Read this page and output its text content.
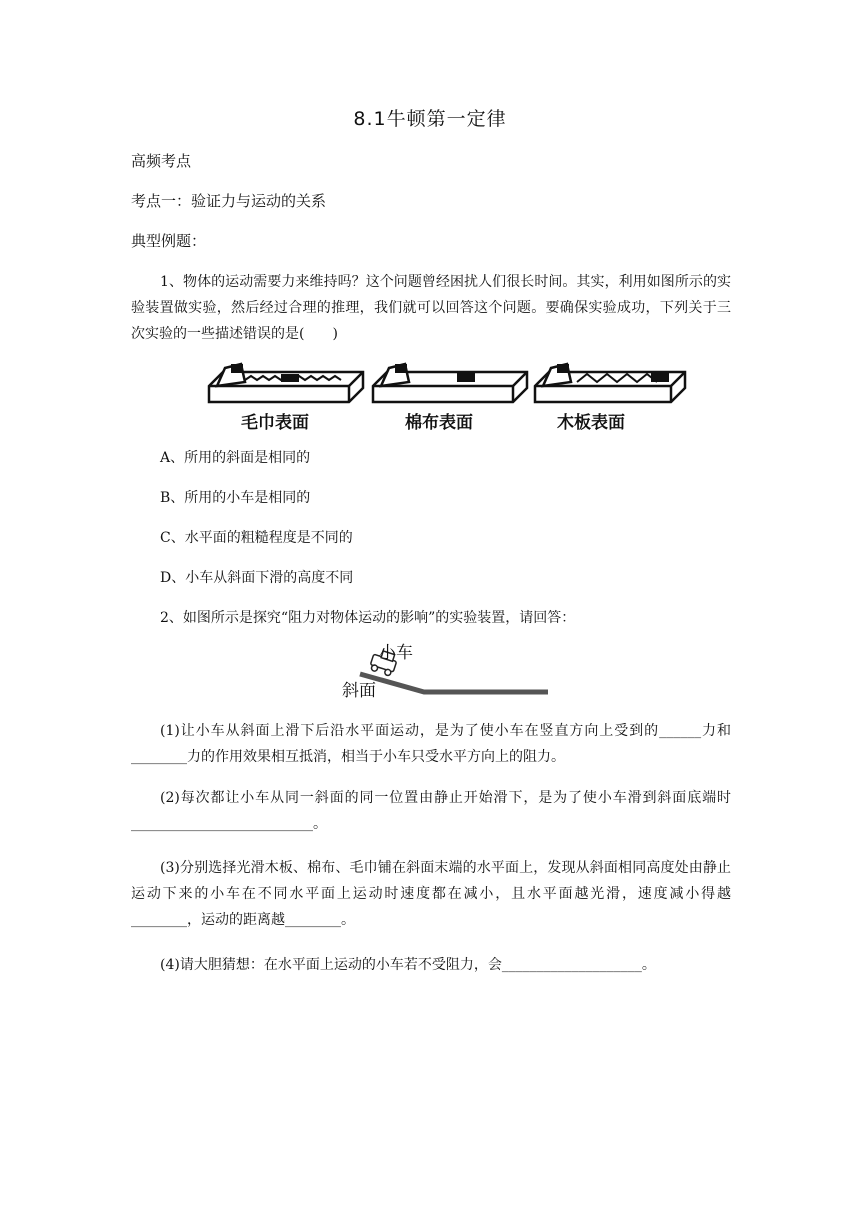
8.1牛顿第一定律
高频考点
考点一：验证力与运动的关系
典型例题：
1、物体的运动需要力来维持吗？这个问题曾经困扰人们很长时间。其实，利用如图所示的实验装置做实验，然后经过合理的推理，我们就可以回答这个问题。要确保实验成功，下列关于三次实验的一些描述错误的是(　　)
毛巾表面	棉布表面	木板表面
A、所用的斜面是相同的
B、所用的小车是相同的
C、水平面的粗糙程度是不同的
D、小车从斜面下滑的高度不同
2、如图所示是探究“阻力对物体运动的影响”的实验装置，请回答：
小车
斜面
(1)让小车从斜面上滑下后沿水平面运动，是为了使小车在竖直方向上受到的______力和________力的作用效果相互抵消，相当于小车只受水平方向上的阻力。
(2)每次都让小车从同一斜面的同一位置由静止开始滑下，是为了使小车滑到斜面底端时__________________________。
(3)分别选择光滑木板、棉布、毛巾铺在斜面末端的水平面上，发现从斜面相同高度处由静止运动下来的小车在不同水平面上运动时速度都在减小，且水平面越光滑，速度减小得越________，运动的距离越________。
(4)请大胆猜想：在水平面上运动的小车若不受阻力，会____________________。
